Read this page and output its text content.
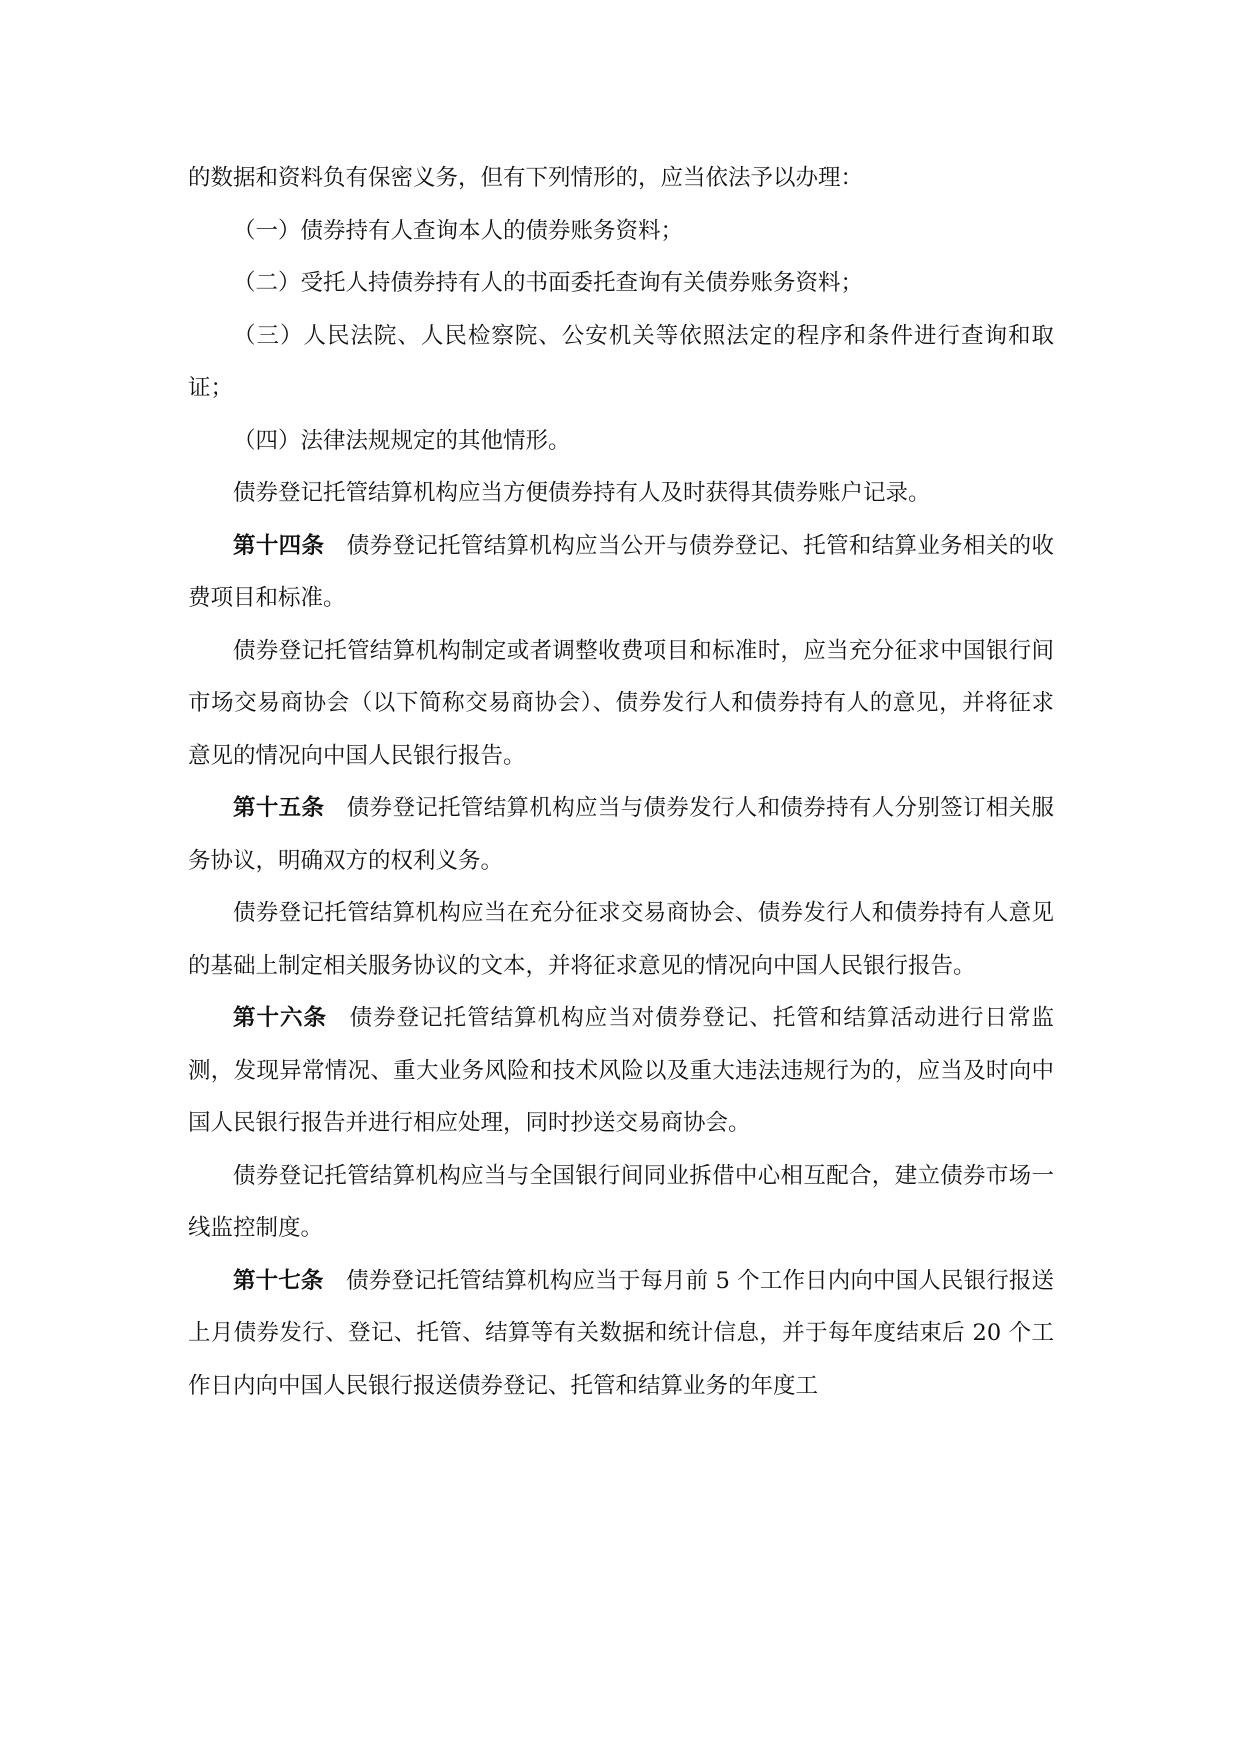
的数据和资料负有保密义务，但有下列情形的，应当依法予以办理：

（一）债券持有人查询本人的债券账务资料；

（二）受托人持债券持有人的书面委托查询有关债券账务资料；

（三）人民法院、人民检察院、公安机关等依照法定的程序和条件进行查询和取证；

（四）法律法规规定的其他情形。

债券登记托管结算机构应当方便债券持有人及时获得其债券账户记录。

第十四条 债券登记托管结算机构应当公开与债券登记、托管和结算业务相关的收费项目和标准。

债券登记托管结算机构制定或者调整收费项目和标准时，应当充分征求中国银行间市场交易商协会（以下简称交易商协会）、债券发行人和债券持有人的意见，并将征求意见的情况向中国人民银行报告。

第十五条 债券登记托管结算机构应当与债券发行人和债券持有人分别签订相关服务协议，明确双方的权利义务。

债券登记托管结算机构应当在充分征求交易商协会、债券发行人和债券持有人意见的基础上制定相关服务协议的文本，并将征求意见的情况向中国人民银行报告。

第十六条 债券登记托管结算机构应当对债券登记、托管和结算活动进行日常监测，发现异常情况、重大业务风险和技术风险以及重大违法违规行为的，应当及时向中国人民银行报告并进行相应处理，同时抄送交易商协会。

债券登记托管结算机构应当与全国银行间同业拆借中心相互配合，建立债券市场一线监控制度。

第十七条 债券登记托管结算机构应当于每月前 5 个工作日内向中国人民银行报送上月债券发行、登记、托管、结算等有关数据和统计信息，并于每年度结束后 20 个工作日内向中国人民银行报送债券登记、托管和结算业务的年度工
